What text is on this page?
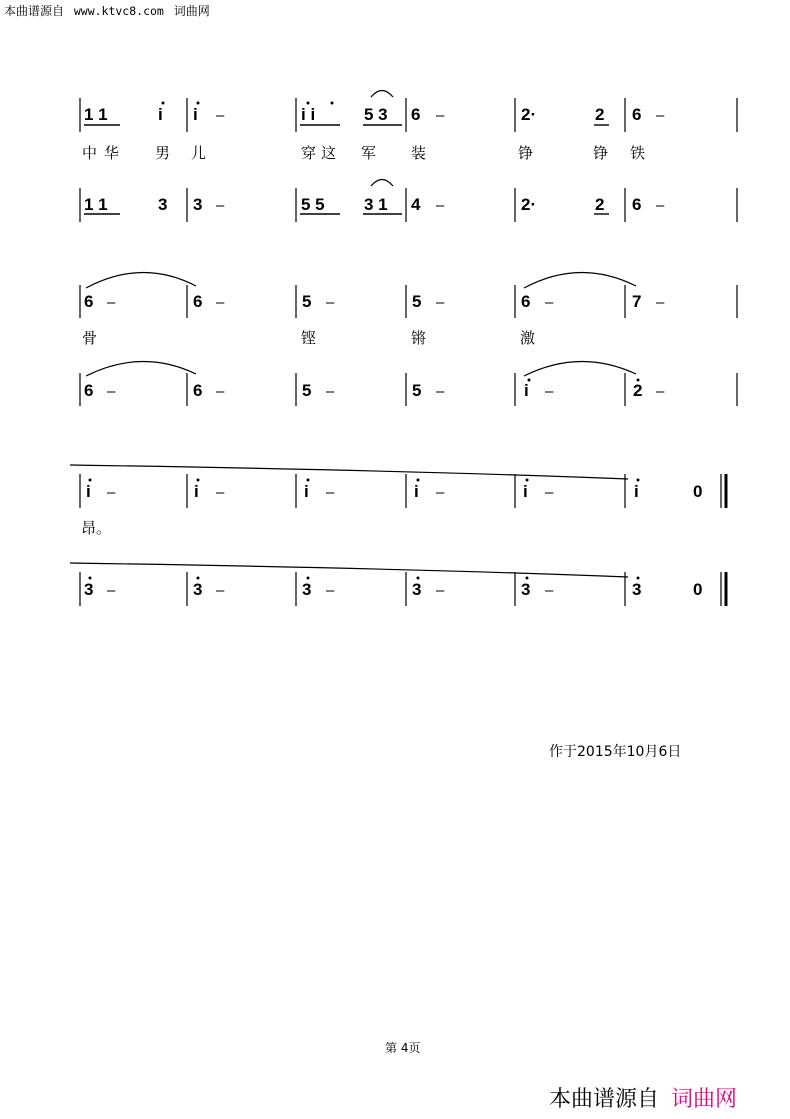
本曲谱源自 www.ktvc8.com 词曲网
1 1	i i –	i i	5 3 6 –	2·	2 6 –
中 华 男 儿	穿 这 军 装	铮	铮 铁
1 1	3 3 –	5 5 3 1 4 –	2·	2 6 –
6 –	6 –	5 –	5 –	6 –	7 –
骨	铿	锵	激
6 –	6 –	5 –	5 –	i –	2 –
i –	i –	i –	i –	i –	i	0
昂。
3 –	3 –	3 –	3 –	3 –	3	0
作于2015年10月6日
第 4页
本曲谱源自 词曲网
